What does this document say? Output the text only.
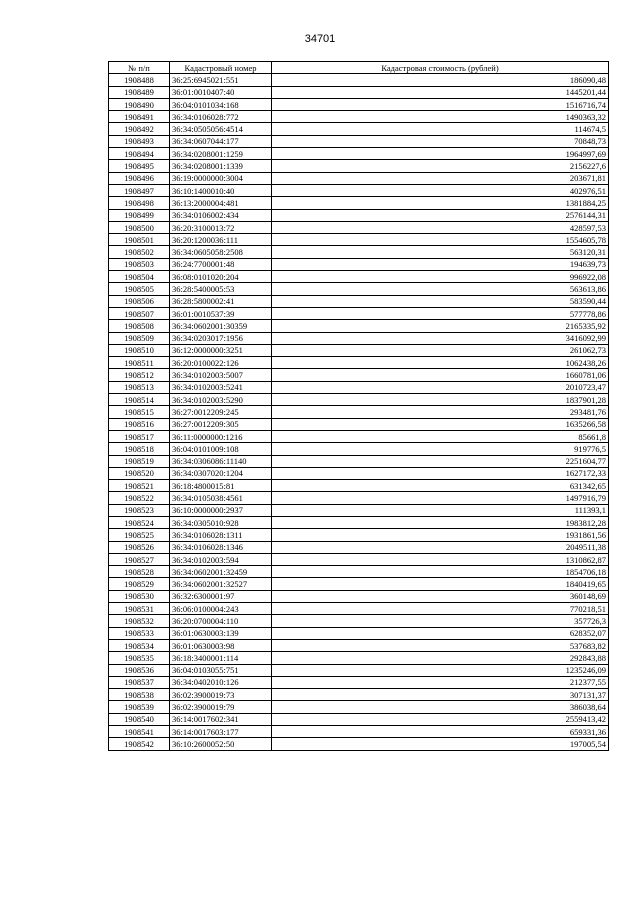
34701
№ п/п	Кадастровый номер	Кадастровая стоимость (рублей)
1908488	36:25:6945021:551	186090,48
1908489	36:01:0010407:40	1445201,44
1908490	36:04:0101034:168	1516716,74
1908491	36:34:0106028:772	1490363,32
1908492	36:34:0505056:4514	114674,5
1908493	36:34:0607044:177	70848,73
1908494	36:34:0208001:1259	1964997,69
1908495	36:34:0208001:1339	2156227,6
1908496	36:19:0000000:3004	203671,81
1908497	36:10:1400010:40	402976,51
1908498	36:13:2000004:481	1381884,25
1908499	36:34:0106002:434	2576144,31
1908500	36:20:3100013:72	428597,53
1908501	36:20:1200036:111	1554605,78
1908502	36:34:0605058:2508	563120,31
1908503	36:24:7700001:48	194639,73
1908504	36:08:0101020:204	996922,08
1908505	36:28:5400005:53	563613,86
1908506	36:28:5800002:41	583590,44
1908507	36:01:0010537:39	577778,86
1908508	36:34:0602001:30359	2165335,92
1908509	36:34:0203017:1956	3416092,99
1908510	36:12:0000000:3251	261062,73
1908511	36:20:0100022:126	1062438,26
1908512	36:34:0102003:5007	1660781,06
1908513	36:34:0102003:5241	2010723,47
1908514	36:34:0102003:5290	1837901,28
1908515	36:27:0012209:245	293481,76
1908516	36:27:0012209:305	1635266,58
1908517	36:11:0000000:1216	85661,8
1908518	36:04:0101009:108	919776,5
1908519	36:34:0306086:11140	2251604,77
1908520	36:34:0307020:1204	1627172,33
1908521	36:18:4800015:81	631342,65
1908522	36:34:0105038:4561	1497916,79
1908523	36:10:0000000:2937	111393,1
1908524	36:34:0305010:928	1983812,28
1908525	36:34:0106028:1311	1931861,56
1908526	36:34:0106028:1346	2049511,38
1908527	36:34:0102003:594	1310862,87
1908528	36:34:0602001:32459	1854706,18
1908529	36:34:0602001:32527	1840419,65
1908530	36:32:6300001:97	360148,69
1908531	36:06:0100004:243	770218,51
1908532	36:20:0700004:110	357726,3
1908533	36:01:0630003:139	628352,07
1908534	36:01:0630003:98	537683,82
1908535	36:18:3400001:114	292843,88
1908536	36:04:0103055:751	1235246,09
1908537	36:34:0402010:126	212377,55
1908538	36:02:3900019:73	307131,37
1908539	36:02:3900019:79	386038,64
1908540	36:14:0017602:341	2559413,42
1908541	36:14:0017603:177	659331,36
1908542	36:10:2600052:50	197005,54
